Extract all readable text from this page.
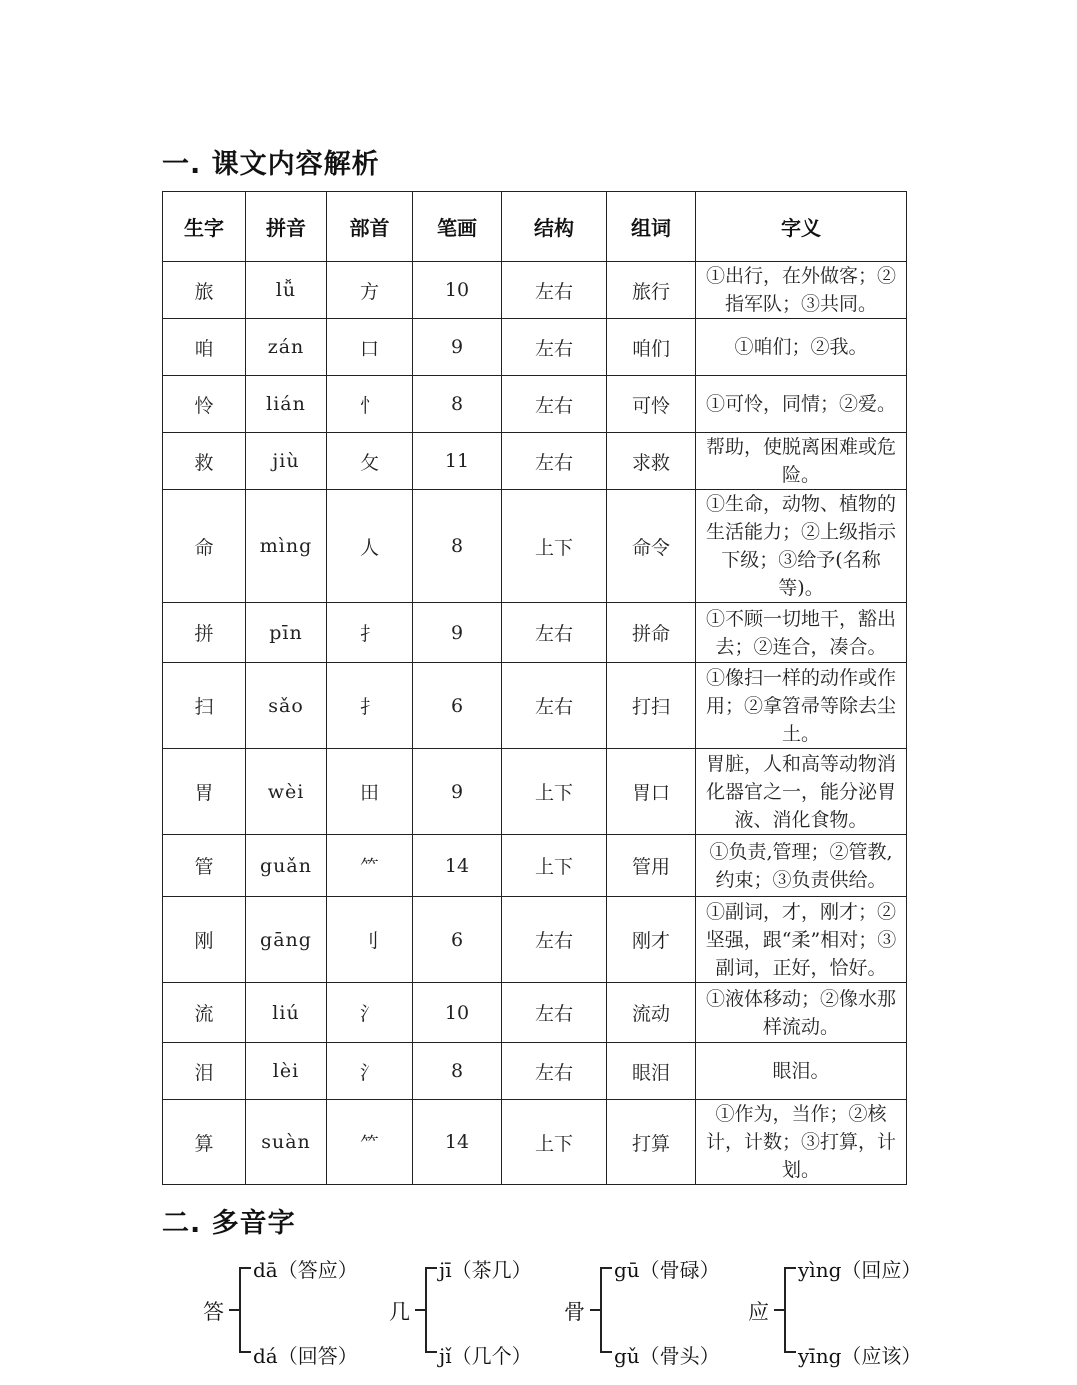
一. 课文内容解析
生字	拼音	部首	笔画	结构	组词	字义
旅	lǚ	方	10	左右	旅行	①出行，在外做客；②指军队；③共同。
咱	zán	口	9	左右	咱们	①咱们；②我。
怜	lián	忄	8	左右	可怜	①可怜，同情；②爱。
救	jiù	攵	11	左右	求救	帮助，使脱离困难或危险。
命	mìng	人	8	上下	命令	①生命，动物、植物的生活能力；②上级指示下级；③给予(名称等)。
拼	pīn	扌	9	左右	拼命	①不顾一切地干，豁出去；②连合，凑合。
扫	sǎo	扌	6	左右	打扫	①像扫一样的动作或作用；②拿笤帚等除去尘土。
胃	wèi	田	9	上下	胃口	胃脏，人和高等动物消化器官之一，能分泌胃液、消化食物。
管	guǎn	⺮	14	上下	管用	①负责,管理；②管教,约束；③负责供给。
刚	gāng	刂	6	左右	刚才	①副词，才，刚才；②坚强，跟“柔”相对；③副词，正好，恰好。
流	liú	氵	10	左右	流动	①液体移动；②像水那样流动。
泪	lèi	氵	8	左右	眼泪	眼泪。
算	suàn	⺮	14	上下	打算	①作为，当作；②核计，计数；③打算，计划。
二. 多音字
答
dā（答应）
dá（回答）
几
jī（茶几）
jǐ（几个）
骨
gū（骨碌）
gǔ（骨头）
应
yìng（回应）
yīng（应该）
